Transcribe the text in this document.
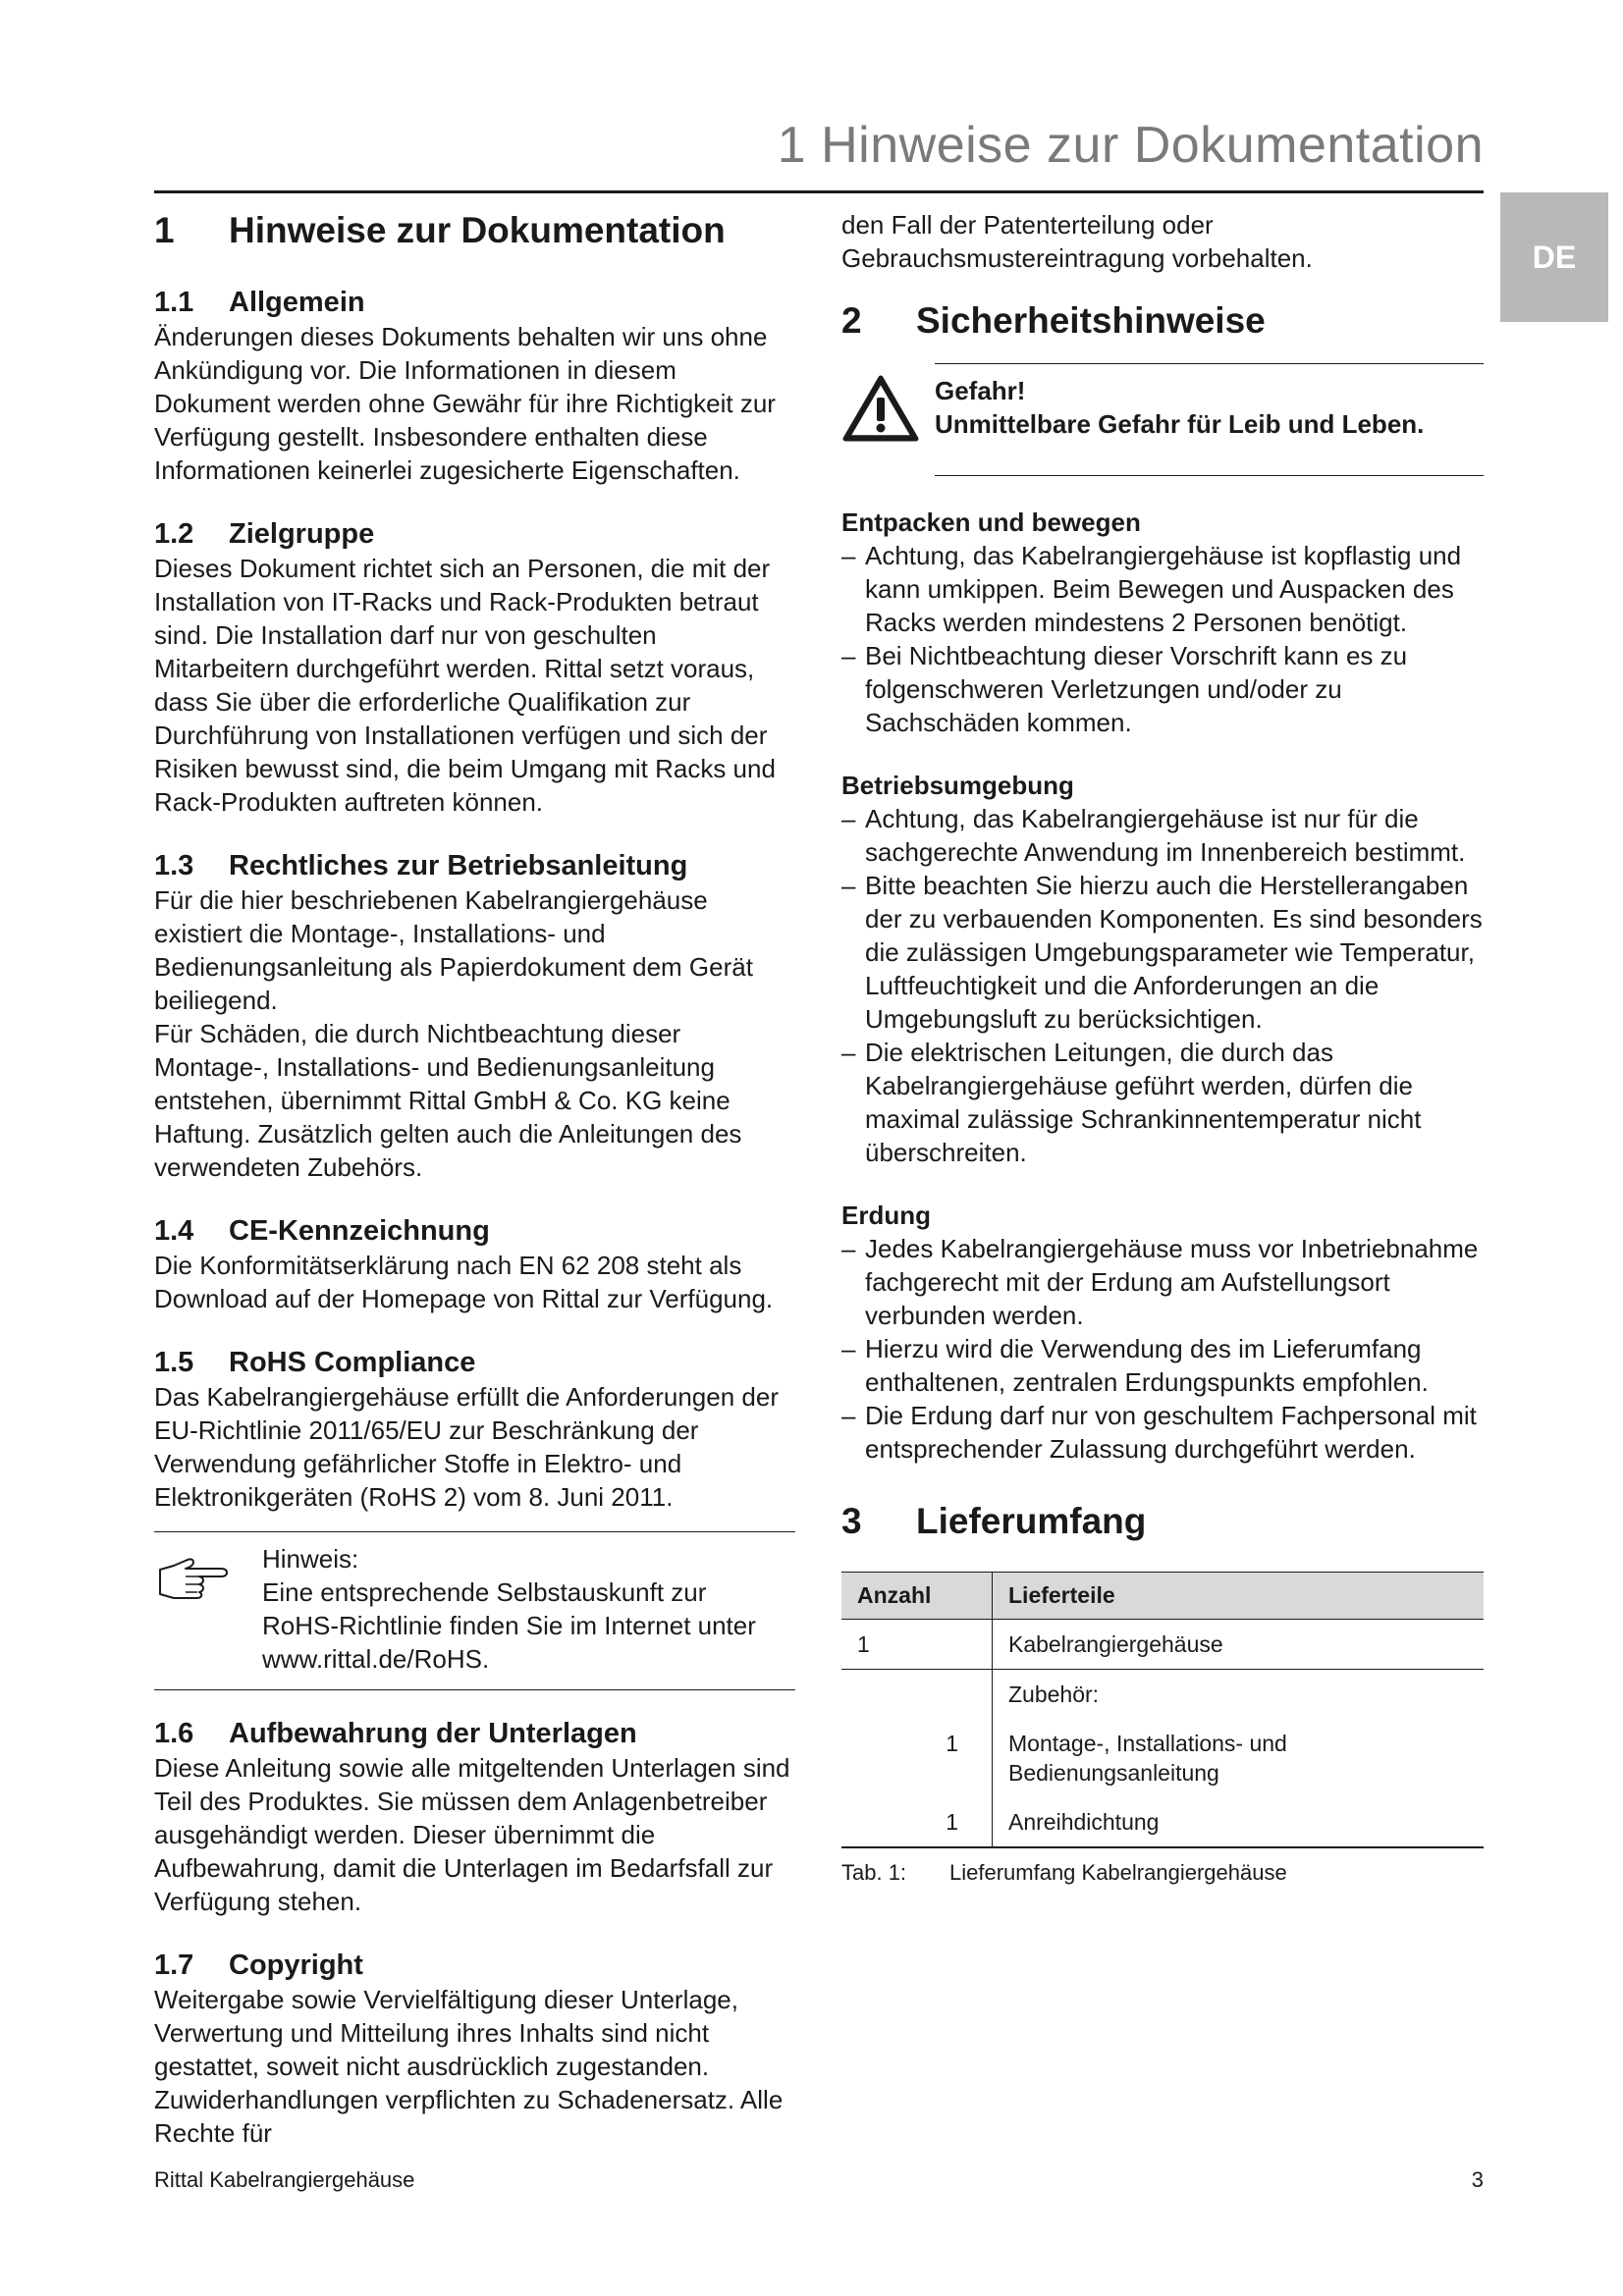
1 Hinweise zur Dokumentation
DE
1	Hinweise zur Dokumentation
1.1	Allgemein

Änderungen dieses Dokuments behalten wir uns ohne Ankündigung vor. Die Informationen in diesem Dokument werden ohne Gewähr für ihre Richtigkeit zur Verfügung gestellt. Insbesondere enthalten diese Informationen keinerlei zugesicherte Eigenschaften.

1.2	Zielgruppe

Dieses Dokument richtet sich an Personen, die mit der Installation von IT-Racks und Rack-Produkten betraut sind. Die Installation darf nur von geschulten Mitarbeitern durchgeführt werden. Rittal setzt voraus, dass Sie über die erforderliche Qualifikation zur Durchführung von Installationen verfügen und sich der Risiken bewusst sind, die beim Umgang mit Racks und Rack-Produkten auftreten können.

1.3	Rechtliches zur Betriebsanleitung

Für die hier beschriebenen Kabelrangiergehäuse existiert die Montage-, Installations- und Bedienungsanleitung als Papierdokument dem Gerät beiliegend.

Für Schäden, die durch Nichtbeachtung dieser Montage-, Installations- und Bedienungsanleitung entstehen, übernimmt Rittal GmbH & Co. KG keine Haftung. Zusätzlich gelten auch die Anleitungen des verwendeten Zubehörs.

1.4	CE-Kennzeichnung

Die Konformitätserklärung nach EN 62 208 steht als Download auf der Homepage von Rittal zur Verfügung.

1.5	RoHS Compliance

Das Kabelrangiergehäuse erfüllt die Anforderungen der EU-Richtlinie 2011/65/EU zur Beschränkung der Verwendung gefährlicher Stoffe in Elektro- und Elektronikgeräten (RoHS 2) vom 8. Juni 2011.

Hinweis:

Eine entsprechende Selbstauskunft zur

RoHS-Richtlinie finden Sie im Internet unter

www.rittal.de/RoHS.

1.6	Aufbewahrung der Unterlagen

Diese Anleitung sowie alle mitgeltenden Unterlagen sind Teil des Produktes. Sie müssen dem Anlagenbetreiber ausgehändigt werden. Dieser übernimmt die Aufbewahrung, damit die Unterlagen im Bedarfsfall zur Verfügung stehen.

1.7	Copyright

Weitergabe sowie Vervielfältigung dieser Unterlage, Verwertung und Mitteilung ihres Inhalts sind nicht gestattet, soweit nicht ausdrücklich zugestanden. Zuwiderhandlungen verpflichten zu Schadenersatz. Alle Rechte für

den Fall der Patenterteilung oder Gebrauchsmustereintragung vorbehalten.

2	Sicherheitshinweise

Gefahr!

Unmittelbare Gefahr für Leib und Leben.

Entpacken und bewegen
– Achtung, das Kabelrangiergehäuse ist kopflastig und kann umkippen. Beim Bewegen und Auspacken des Racks werden mindestens 2 Personen benötigt.
– Bei Nichtbeachtung dieser Vorschrift kann es zu folgenschweren Verletzungen und/oder zu Sachschäden kommen.
Betriebsumgebung
– Achtung, das Kabelrangiergehäuse ist nur für die sachgerechte Anwendung im Innenbereich bestimmt.
– Bitte beachten Sie hierzu auch die Herstellerangaben der zu verbauenden Komponenten. Es sind besonders die zulässigen Umgebungsparameter wie Temperatur, Luftfeuchtigkeit und die Anforderungen an die Umgebungsluft zu berücksichtigen.
– Die elektrischen Leitungen, die durch das Kabelrangiergehäuse geführt werden, dürfen die maximal zulässige Schrankinnentemperatur nicht überschreiten.
Erdung
– Jedes Kabelrangiergehäuse muss vor Inbetriebnahme fachgerecht mit der Erdung am Aufstellungsort verbunden werden.
– Hierzu wird die Verwendung des im Lieferumfang enthaltenen, zentralen Erdungspunkts empfohlen.
– Die Erdung darf nur von geschultem Fachpersonal mit entsprechender Zulassung durchgeführt werden.
3	Lieferumfang
Anzahl	Lieferteile
1	Kabelrangiergehäuse
	Zubehör:
1	Montage-, Installations- und Bedienungsanleitung
1	Anreihdichtung
Tab. 1:	Lieferumfang Kabelrangiergehäuse
Rittal Kabelrangiergehäuse	3
